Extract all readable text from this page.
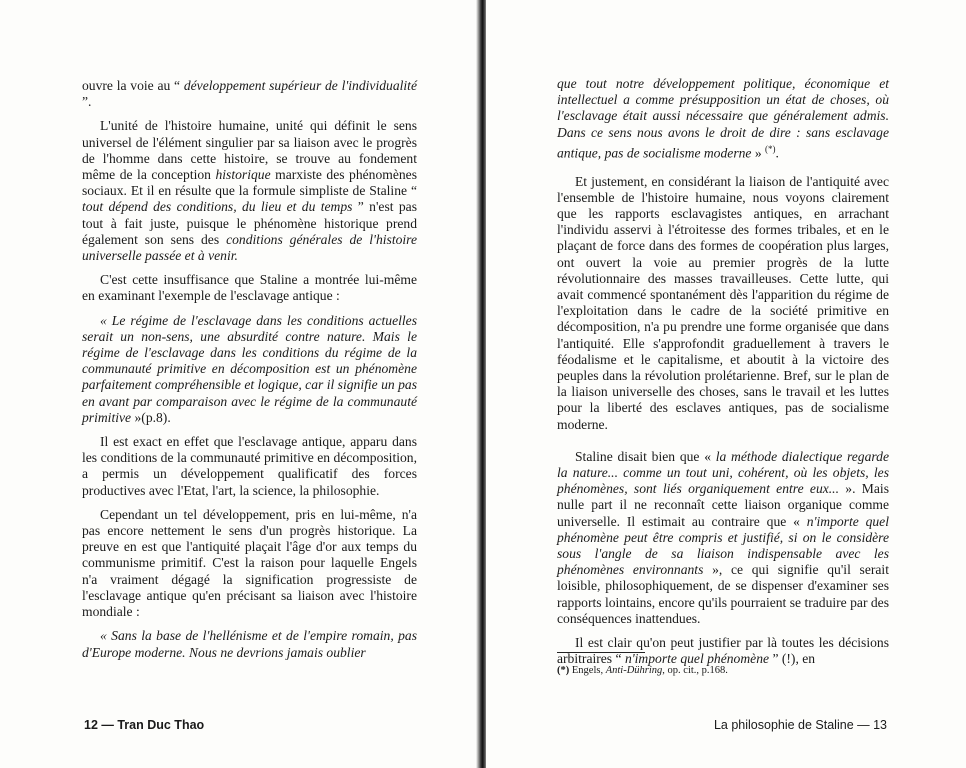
ouvre la voie au “ développement supérieur de l'individualité ”.

L'unité de l'histoire humaine, unité qui définit le sens universel de l'élément singulier par sa liaison avec le progrès de l'homme dans cette histoire, se trouve au fondement même de la conception historique marxiste des phénomènes sociaux. Et il en résulte que la formule simpliste de Staline “ tout dépend des conditions, du lieu et du temps ” n'est pas tout à fait juste, puisque le phénomène historique prend également son sens des conditions générales de l'histoire universelle passée et à venir.

C'est cette insuffisance que Staline a montrée lui-même en examinant l'exemple de l'esclavage antique :

« Le régime de l'esclavage dans les conditions actuelles serait un non-sens, une absurdité contre nature. Mais le régime de l'esclavage dans les conditions du régime de la communauté primitive en décomposition est un phénomène parfaitement compréhensible et logique, car il signifie un pas en avant par comparaison avec le régime de la communauté primitive »(p.8).

Il est exact en effet que l'esclavage antique, apparu dans les conditions de la communauté primitive en décomposition, a permis un développement qualificatif des forces productives avec l'Etat, l'art, la science, la philosophie.

Cependant un tel développement, pris en lui-même, n'a pas encore nettement le sens d'un progrès historique. La preuve en est que l'antiquité plaçait l'âge d'or aux temps du communisme primitif. C'est la raison pour laquelle Engels n'a vraiment dégagé la signification progressiste de l'esclavage antique qu'en précisant sa liaison avec l'histoire mondiale :

« Sans la base de l'hellénisme et de l'empire romain, pas d'Europe moderne. Nous ne devrions jamais oublier

12 — Tran Duc Thao

que tout notre développement politique, économique et intellectuel a comme présupposition un état de choses, où l'esclavage était aussi nécessaire que généralement admis. Dans ce sens nous avons le droit de dire : sans esclavage antique, pas de socialisme moderne » (*).

Et justement, en considérant la liaison de l'antiquité avec l'ensemble de l'histoire humaine, nous voyons clairement que les rapports esclavagistes antiques, en arrachant l'individu asservi à l'étroitesse des formes tribales, et en le plaçant de force dans des formes de coopération plus larges, ont ouvert la voie au premier progrès de la lutte révolutionnaire des masses travailleuses. Cette lutte, qui avait commencé spontanément dès l'apparition du régime de l'exploitation dans le cadre de la société primitive en décomposition, n'a pu prendre une forme organisée que dans l'antiquité. Elle s'approfondit graduellement à travers le féodalisme et le capitalisme, et aboutit à la victoire des peuples dans la révolution prolétarienne. Bref, sur le plan de la liaison universelle des choses, sans le travail et les luttes pour la liberté des esclaves antiques, pas de socialisme moderne.

Staline disait bien que « la méthode dialectique regarde la nature... comme un tout uni, cohérent, où les objets, les phénomènes, sont liés organiquement entre eux... ». Mais nulle part il ne reconnaît cette liaison organique comme universelle. Il estimait au contraire que « n'importe quel phénomène peut être compris et justifié, si on le considère sous l'angle de sa liaison indispensable avec les phénomènes environnants », ce qui signifie qu'il serait loisible, philosophiquement, de se dispenser d'examiner ses rapports lointains, encore qu'ils pourraient se traduire par des conséquences inattendues.

Il est clair qu'on peut justifier par là toutes les décisions arbitraires “ n'importe quel phénomène ” (!), en

(*) Engels, Anti-Dühring, op. cit., p.168.
La philosophie de Staline — 13
